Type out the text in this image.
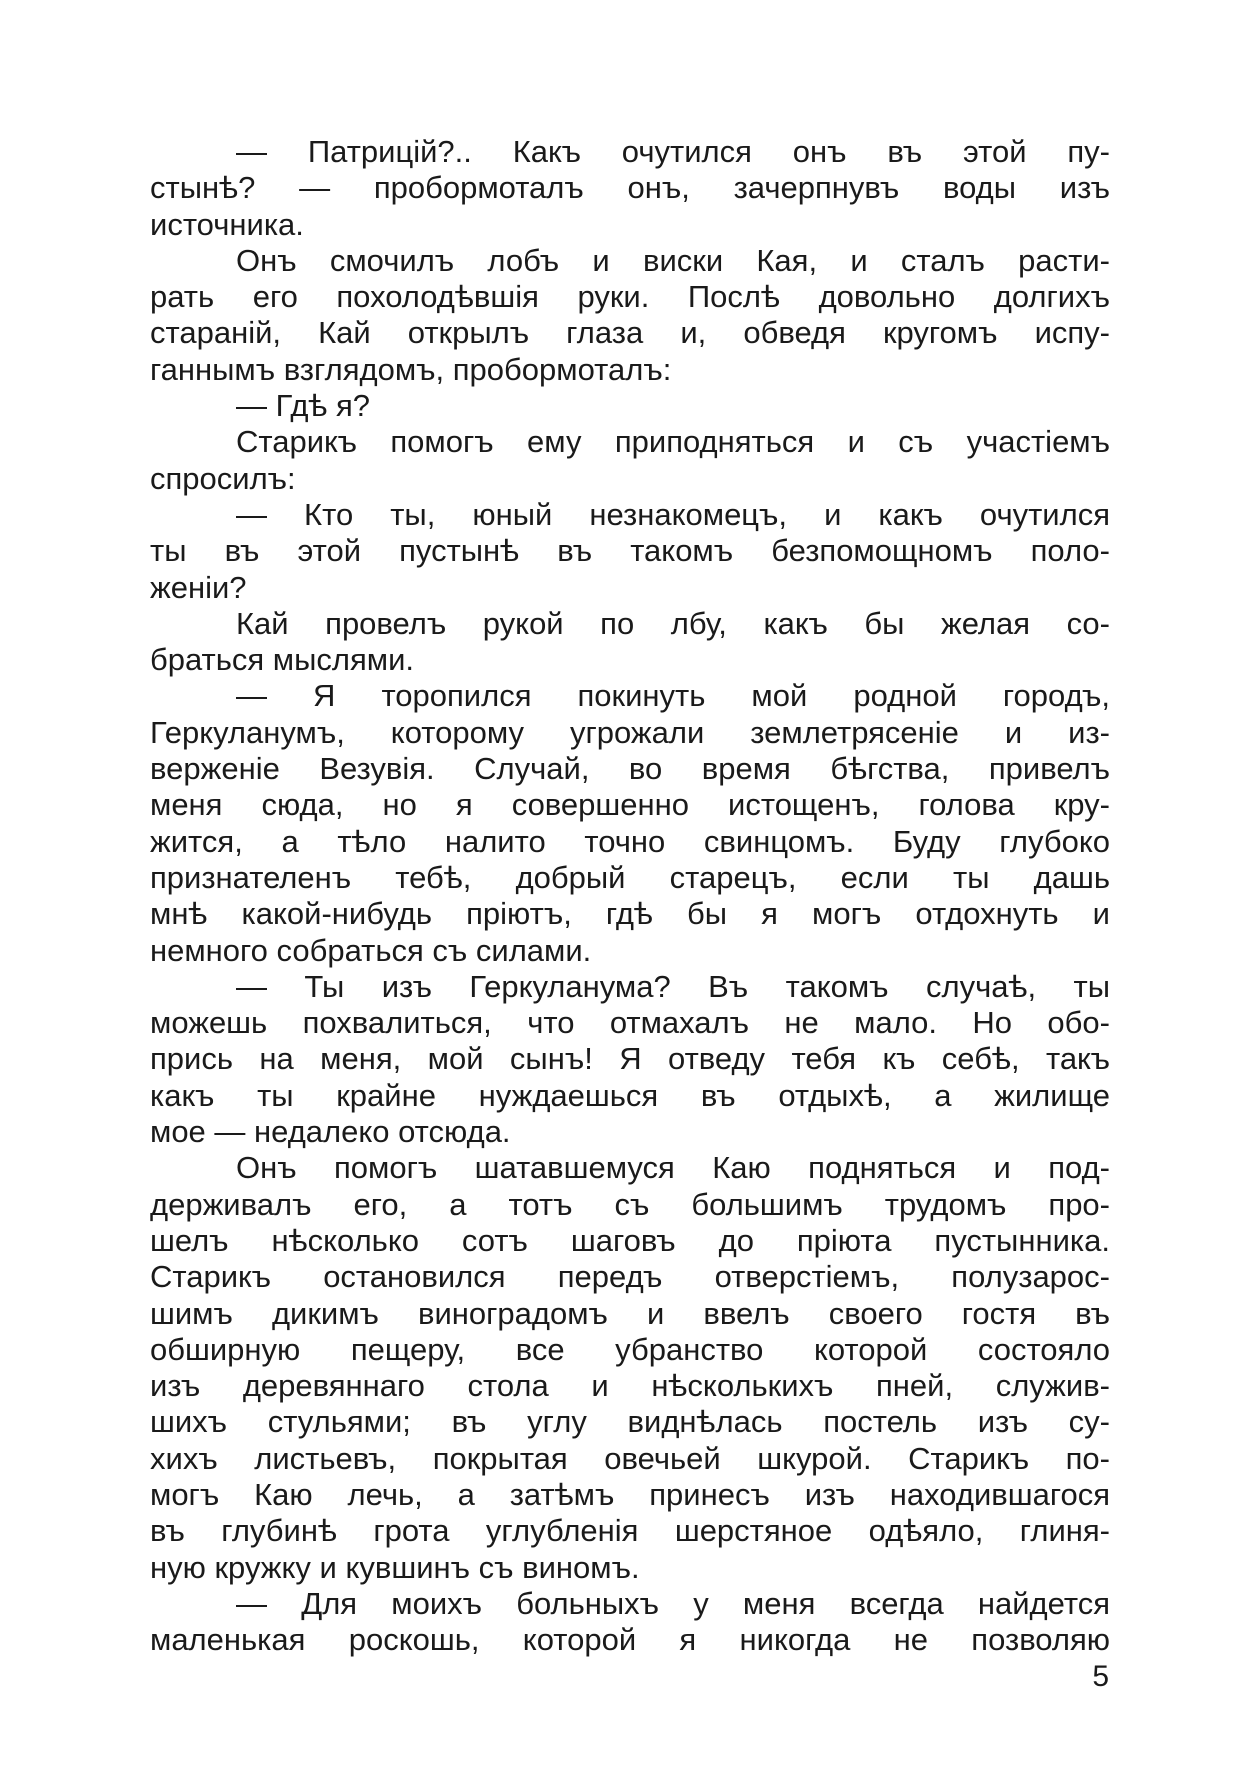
— Патрицій?.. Какъ очутился онъ въ этой пу-
стынѣ? — пробормоталъ онъ, зачерпнувъ воды изъ
источника.
Онъ смочилъ лобъ и виски Кая, и сталъ расти-
рать его похолодѣвшія руки. Послѣ довольно долгихъ
стараній, Кай открылъ глаза и, обведя кругомъ испу-
ганнымъ взглядомъ, пробормоталъ:
— Гдѣ я?
Старикъ помогъ ему приподняться и съ участіемъ
спросилъ:
— Кто ты, юный незнакомецъ, и какъ очутился
ты въ этой пустынѣ въ такомъ безпомощномъ поло-
женіи?
Кай провелъ рукой по лбу, какъ бы желая со-
браться мыслями.
— Я торопился покинуть мой родной городъ,
Геркуланумъ, которому угрожали землетрясеніе и из-
верженіе Везувія. Случай, во время бѣгства, привелъ
меня сюда, но я совершенно истощенъ, голова кру-
жится, а тѣло налито точно свинцомъ. Буду глубоко
признателенъ тебѣ, добрый старецъ, если ты дашь
мнѣ какой-нибудь пріютъ, гдѣ бы я могъ отдохнуть и
немного собраться съ силами.
— Ты изъ Геркуланума? Въ такомъ случаѣ, ты
можешь похвалиться, что отмахалъ не мало. Но обо-
прись на меня, мой сынъ! Я отведу тебя къ себѣ, такъ
какъ ты крайне нуждаешься въ отдыхѣ, а жилище
мое — недалеко отсюда.
Онъ помогъ шатавшемуся Каю подняться и под-
держивалъ его, а тотъ съ большимъ трудомъ про-
шелъ нѣсколько сотъ шаговъ до пріюта пустынника.
Старикъ остановился передъ отверстіемъ, полузарос-
шимъ дикимъ виноградомъ и ввелъ своего гостя въ
обширную пещеру, все убранство которой состояло
изъ деревяннаго стола и нѣсколькихъ пней, служив-
шихъ стульями; въ углу виднѣлась постель изъ су-
хихъ листьевъ, покрытая овечьей шкурой. Старикъ по-
могъ Каю лечь, а затѣмъ принесъ изъ находившагося
въ глубинѣ грота углубленія шерстяное одѣяло, глиня-
ную кружку и кувшинъ съ виномъ.
— Для моихъ больныхъ у меня всегда найдется
маленькая роскошь, которой я никогда не позволяю
5
